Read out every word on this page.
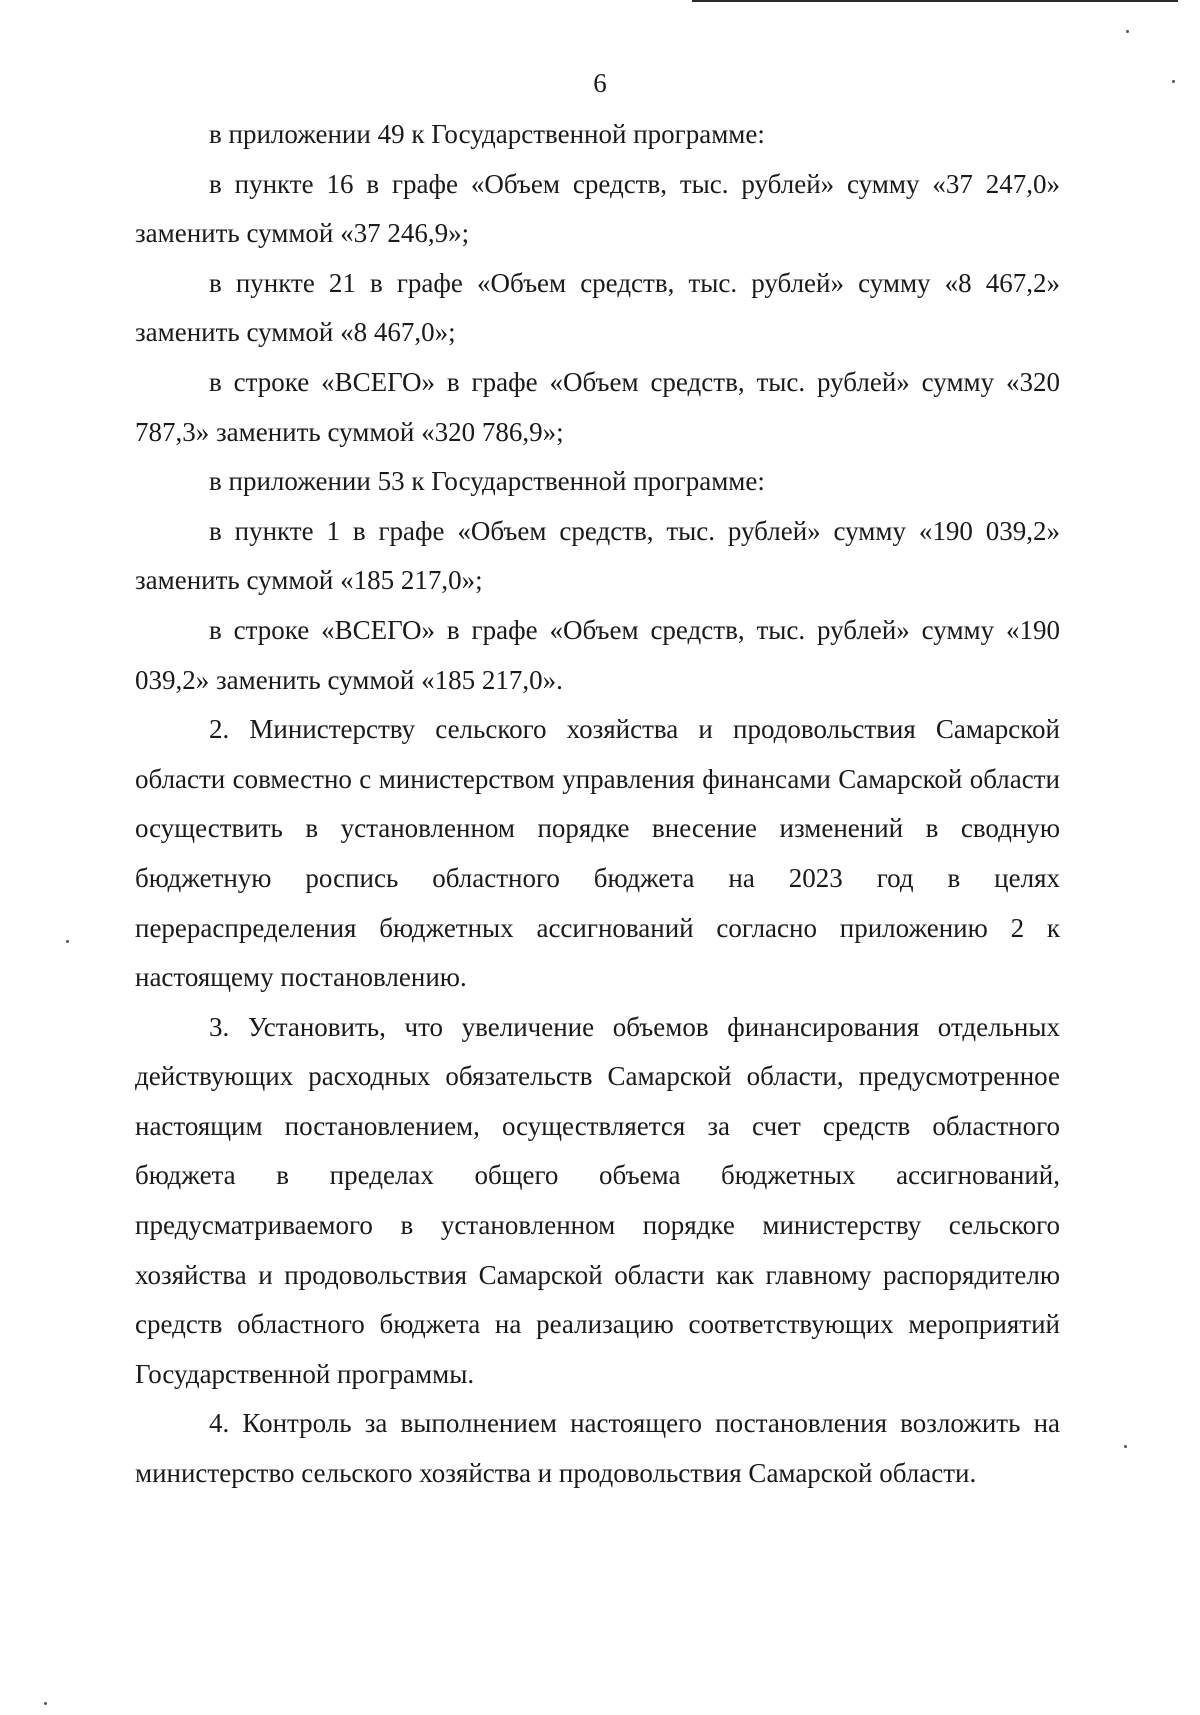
6

в приложении 49 к Государственной программе:

в пункте 16 в графе «Объем средств, тыс. рублей» сумму «37 247,0» заменить суммой «37 246,9»;

в пункте 21 в графе «Объем средств, тыс. рублей» сумму «8 467,2» заменить суммой «8 467,0»;

в строке «ВСЕГО» в графе «Объем средств, тыс. рублей» сумму «320 787,3» заменить суммой «320 786,9»;

в приложении 53 к Государственной программе:

в пункте 1 в графе «Объем средств, тыс. рублей» сумму «190 039,2» заменить суммой «185 217,0»;

в строке «ВСЕГО» в графе «Объем средств, тыс. рублей» сумму «190 039,2» заменить суммой «185 217,0».

2. Министерству сельского хозяйства и продовольствия Самарской области совместно с министерством управления финансами Самарской области осуществить в установленном порядке внесение изменений в сводную бюджетную роспись областного бюджета на 2023 год в целях перераспределения бюджетных ассигнований согласно приложению 2 к настоящему постановлению.

3. Установить, что увеличение объемов финансирования отдельных действующих расходных обязательств Самарской области, предусмотренное настоящим постановлением, осуществляется за счет средств областного бюджета в пределах общего объема бюджетных ассигнований, предусматриваемого в установленном порядке министерству сельского хозяйства и продовольствия Самарской области как главному распорядителю средств областного бюджета на реализацию соответствующих мероприятий Государственной программы.

4. Контроль за выполнением настоящего постановления возложить на министерство сельского хозяйства и продовольствия Самарской области.
